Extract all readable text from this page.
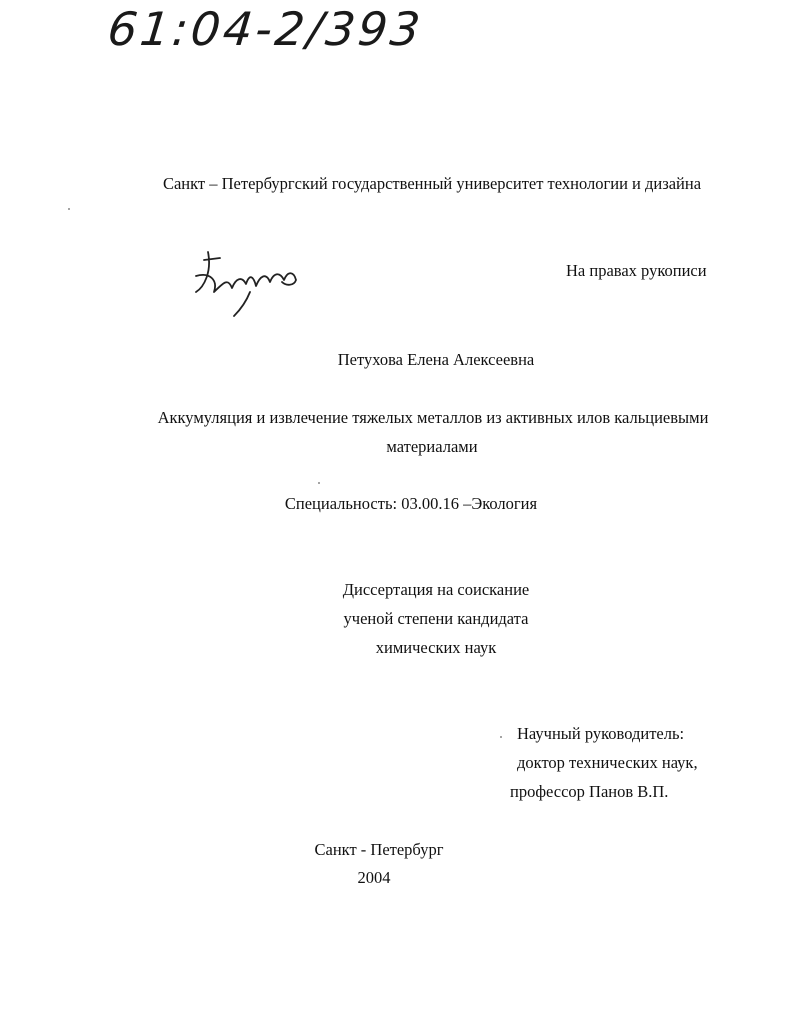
61:04-2/393
Санкт – Петербургский государственный университет технологии и дизайна
На правах рукописи
Петухова Елена Алексеевна
Аккумуляция и извлечение тяжелых металлов из активных илов кальциевыми
материалами
Специальность: 03.00.16 –Экология
Диссертация на соискание
ученой степени кандидата
химических наук
Научный руководитель:
доктор технических наук,
профессор Панов В.П.
Санкт - Петербург
2004
